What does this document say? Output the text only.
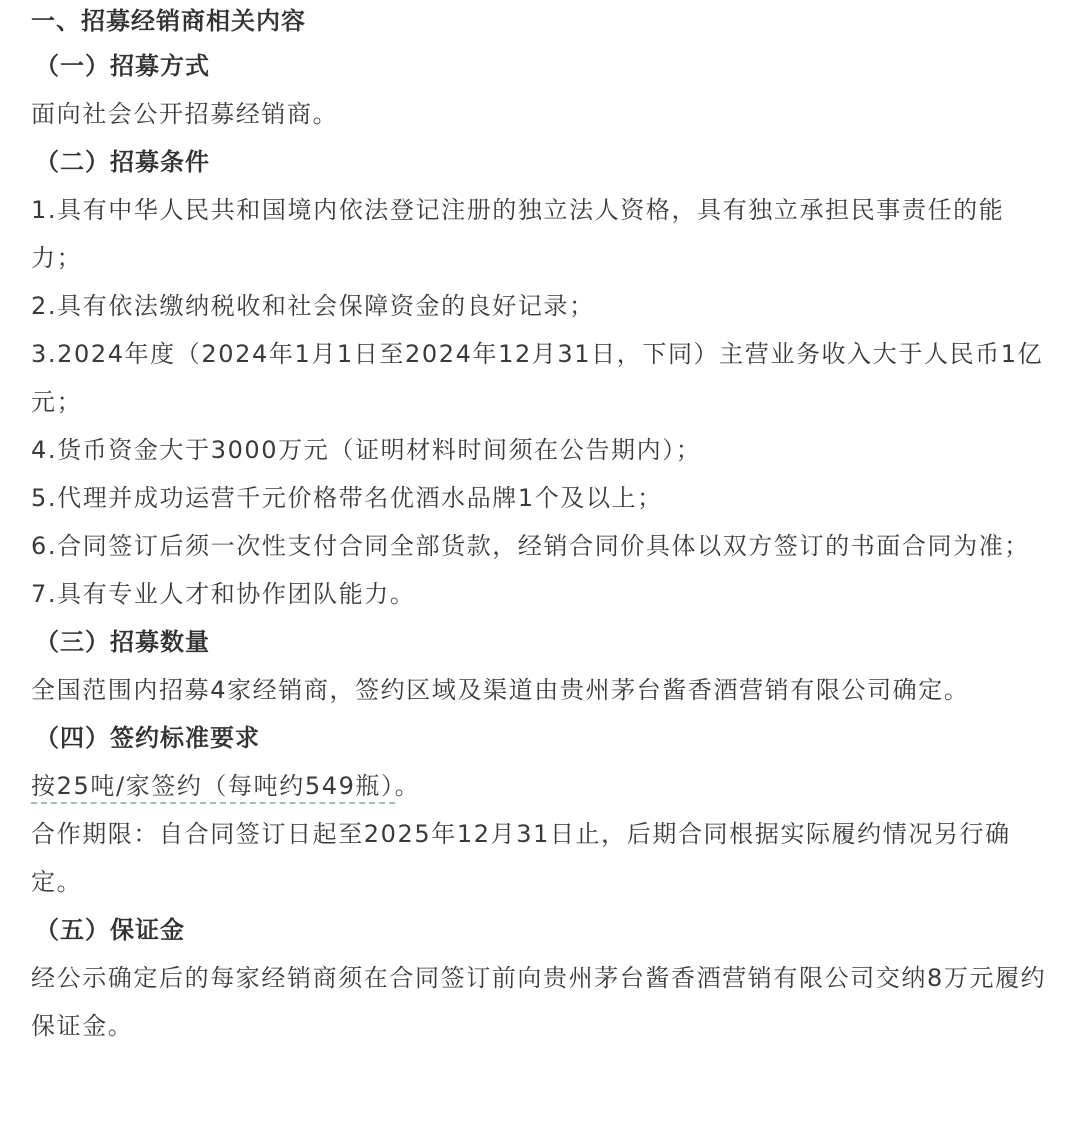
一、招募经销商相关内容
（一）招募方式
面向社会公开招募经销商。
（二）招募条件
1.具有中华人民共和国境内依法登记注册的独立法人资格，具有独立承担民事责任的能力；
2.具有依法缴纳税收和社会保障资金的良好记录；
3.2024年度（2024年1月1日至2024年12月31日，下同）主营业务收入大于人民币1亿元；
4.货币资金大于3000万元（证明材料时间须在公告期内）；
5.代理并成功运营千元价格带名优酒水品牌1个及以上；
6.合同签订后须一次性支付合同全部货款，经销合同价具体以双方签订的书面合同为准；
7.具有专业人才和协作团队能力。
（三）招募数量
全国范围内招募4家经销商，签约区域及渠道由贵州茅台酱香酒营销有限公司确定。
（四）签约标准要求
按25吨/家签约（每吨约549瓶）。
合作期限：自合同签订日起至2025年12月31日止，后期合同根据实际履约情况另行确定。
（五）保证金
经公示确定后的每家经销商须在合同签订前向贵州茅台酱香酒营销有限公司交纳8万元履约保证金。
